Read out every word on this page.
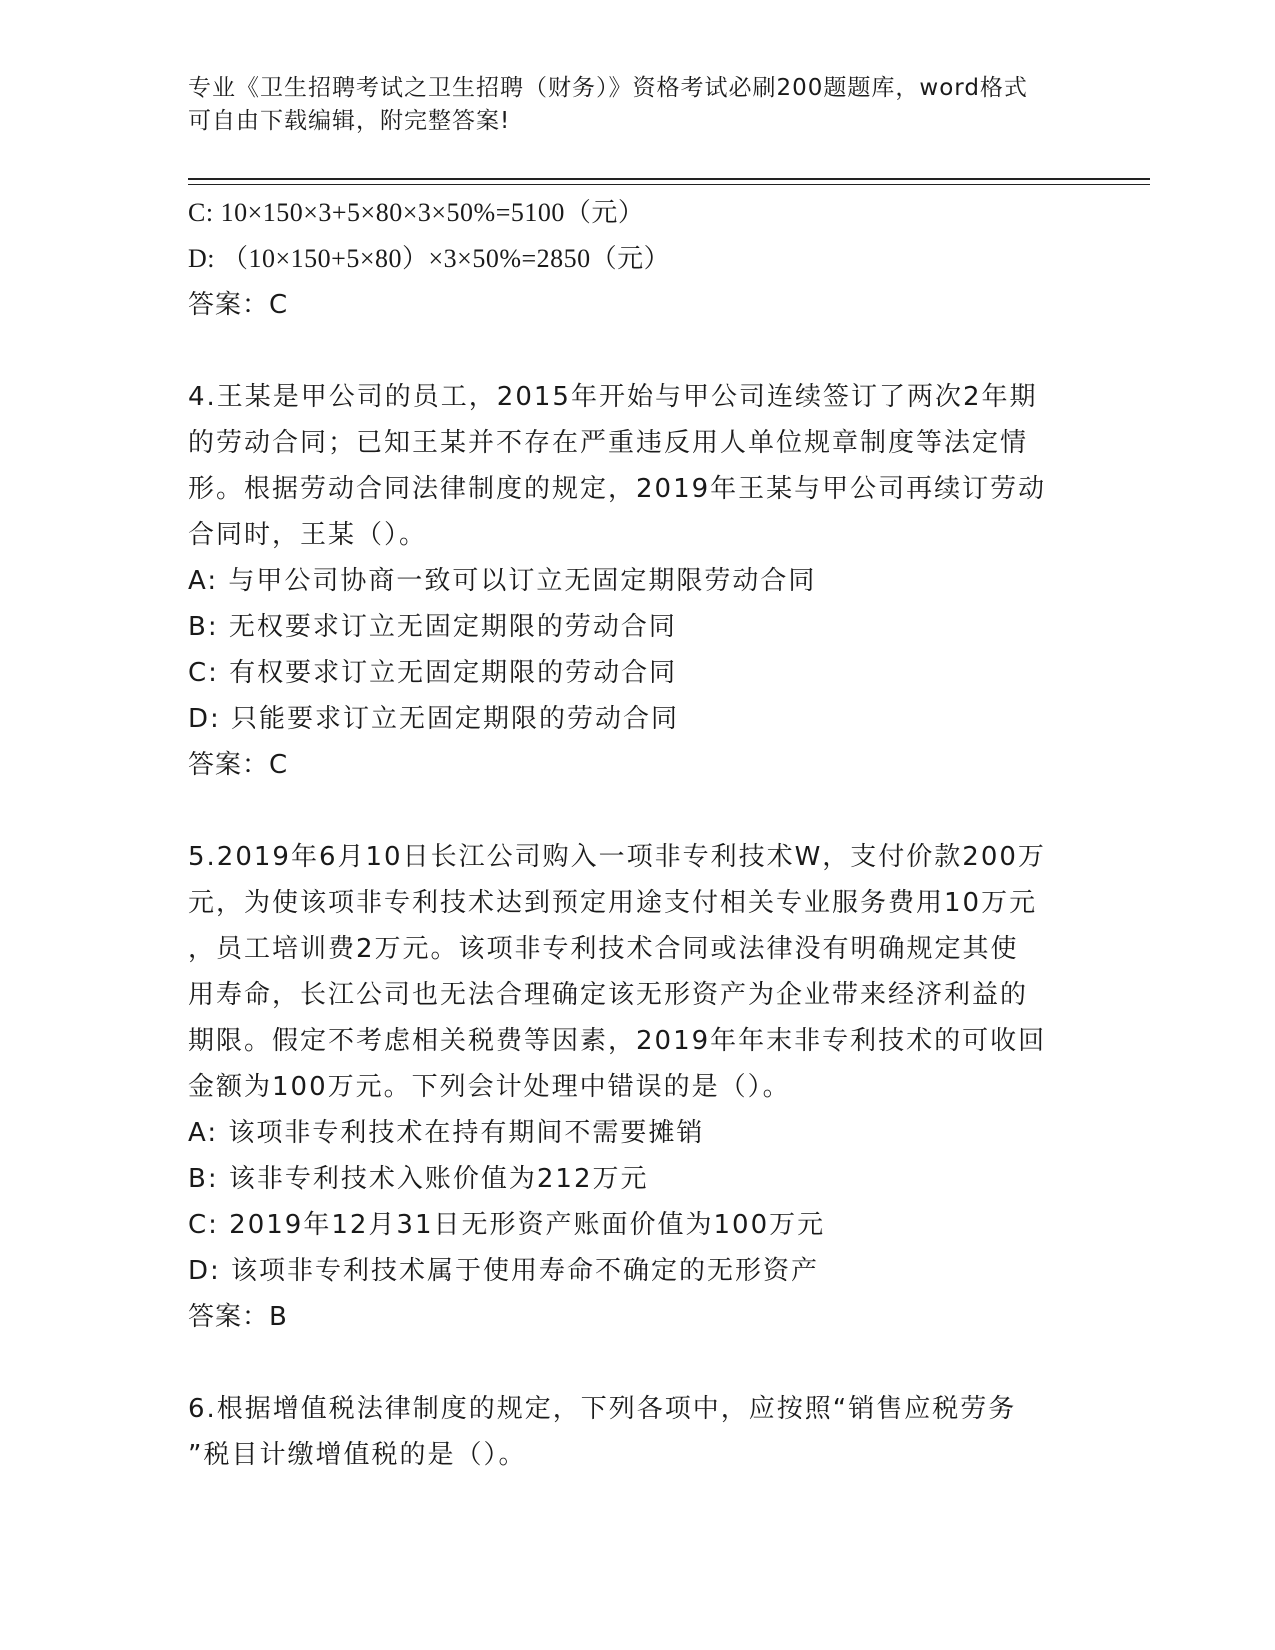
专业《卫生招聘考试之卫生招聘（财务）》资格考试必刷200题题库，word格式
可自由下载编辑，附完整答案!
C: 10×150×3+5×80×3×50%=5100（元）
D: （10×150+5×80）×3×50%=2850（元）
答案：C
4.王某是甲公司的员工，2015年开始与甲公司连续签订了两次2年期
的劳动合同；已知王某并不存在严重违反用人单位规章制度等法定情
形。根据劳动合同法律制度的规定，2019年王某与甲公司再续订劳动
合同时，王某（）。
A: 与甲公司协商一致可以订立无固定期限劳动合同
B: 无权要求订立无固定期限的劳动合同
C: 有权要求订立无固定期限的劳动合同
D: 只能要求订立无固定期限的劳动合同
答案：C
5.2019年6月10日长江公司购入一项非专利技术W，支付价款200万
元，为使该项非专利技术达到预定用途支付相关专业服务费用10万元
，员工培训费2万元。该项非专利技术合同或法律没有明确规定其使
用寿命，长江公司也无法合理确定该无形资产为企业带来经济利益的
期限。假定不考虑相关税费等因素，2019年年末非专利技术的可收回
金额为100万元。下列会计处理中错误的是（）。
A: 该项非专利技术在持有期间不需要摊销
B: 该非专利技术入账价值为212万元
C: 2019年12月31日无形资产账面价值为100万元
D: 该项非专利技术属于使用寿命不确定的无形资产
答案：B
6.根据增值税法律制度的规定，下列各项中，应按照“销售应税劳务
”税目计缴增值税的是（）。
